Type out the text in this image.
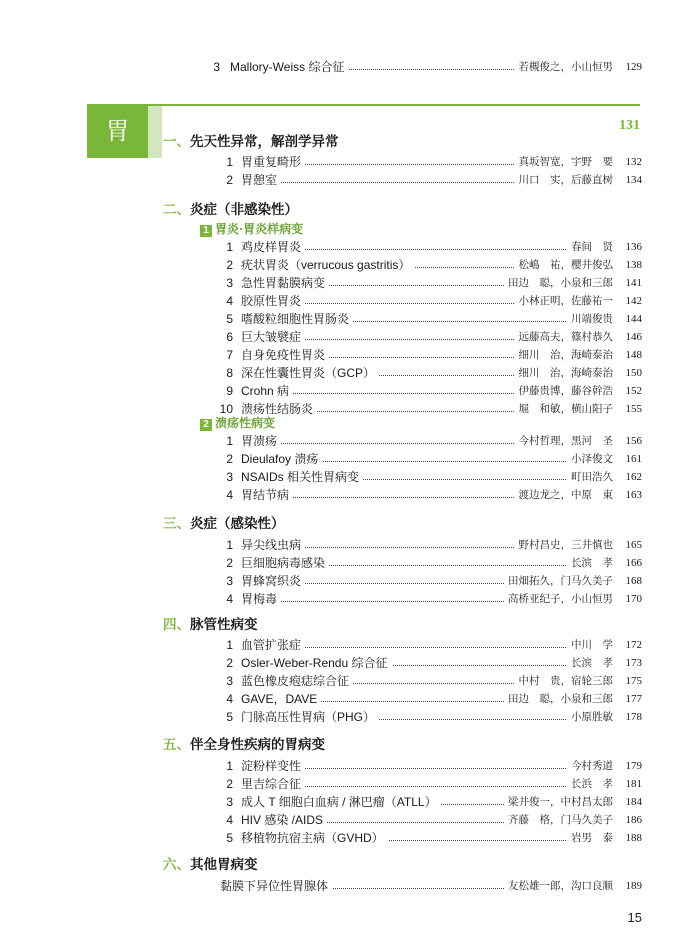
3 Mallory-Weiss 综合征	若槻俊之，小山恒男	129
胃	131
一、先天性异常，解剖学异常
1 胃重复畸形	真坂智宽，宇野　要	132
2 胃憩室	川口　实，后藤直树	134
二、炎症（非感染性）
1 胃炎·胃炎样病变
1 鸡皮样胃炎	春间　贤	136
2 疣状胃炎（verrucous gastritis）	松嶋　祐，樱井俊弘	138
3 急性胃黏膜病变	田边　聪，小泉和三郎	141
4 胶原性胃炎	小林正明，佐藤祐一	142
5 嗜酸粒细胞性胃肠炎	川端俊贵	144
6 巨大皱襞症	远藤高夫，篠村恭久	146
7 自身免疫性胃炎	细川　治，海崎泰治	148
8 深在性囊性胃炎（GCP）	细川　治，海崎泰治	150
9 Crohn 病	伊藤贵博，藤谷幹浩	152
10 溃疡性结肠炎	堀　和敏，横山阳子	155
2 溃疡性病变
1 胃溃疡	今村哲理，黑河　圣	156
2 Dieulafoy 溃疡	小泽俊文	161
3 NSAIDs 相关性胃病变	町田浩久	162
4 胃结节病	渡边龙之，中原　東	163
三、炎症（感染性）
1 异尖线虫病	野村昌史，三井慎也	165
2 巨细胞病毒感染	长滨　孝	166
3 胃蜂窝织炎	田畑拓久，门马久美子	168
4 胃梅毒	高桥亚纪子，小山恒男	170
四、脉管性病变
1 血管扩张症	中川　学	172
2 Osler-Weber-Rendu 综合征	长滨　孝	173
3 蓝色橡皮疱痣综合征	中村　贵，宿轮三郎	175
4 GAVE，DAVE	田边　聪，小泉和三郎	177
5 门脉高压性胃病（PHG）	小原胜敏	178
五、伴全身性疾病的胃病变
1 淀粉样变性	今村秀道	179
2 里吉综合征	长浜　孝	181
3 成人 T 细胞白血病 / 淋巴瘤（ATLL）	梁井俊一，中村昌太郎	184
4 HIV 感染 /AIDS	齐藤　格，门马久美子	186
5 移植物抗宿主病（GVHD）	岩男　泰	188
六、其他胃病变
黏膜下异位性胃腺体	友松雄一郎，沟口良顺	189
15
